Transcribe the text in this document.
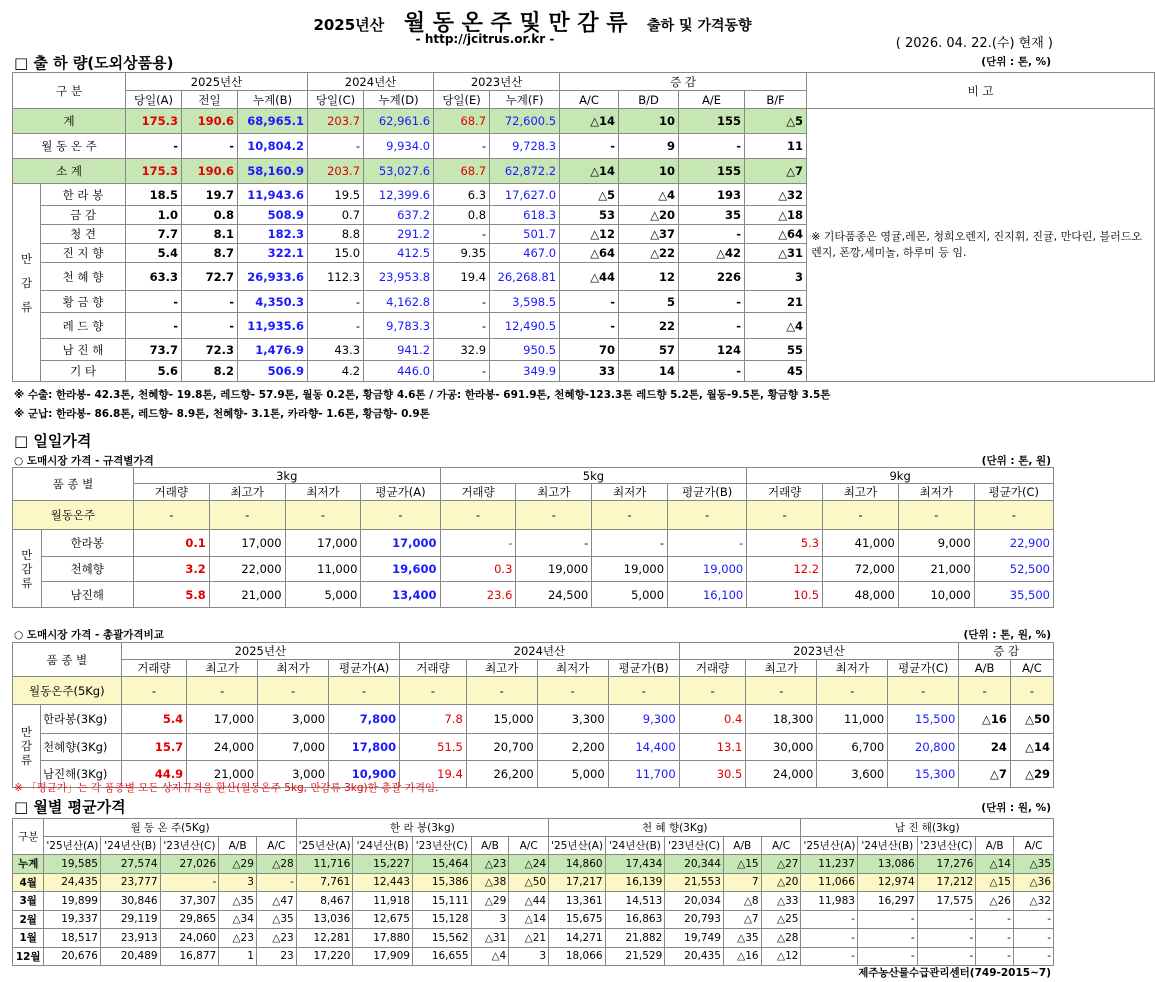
2025년산 월 동 온 주 및 만 감 류 출하 및 가격동향
- http://jcitrus.or.kr -	( 2026. 04. 22.(수) 현재 )
□ 출 하 량(도외상품용)	(단위 : 톤, %)
구 분		2025년산			2024년산		2023년산		증 감				비 고
		당일(A)	전일	누계(B)	당일(C)	누계(D)	당일(E)	누계(F)	A/C	B/D	A/E	B/F	
계		175.3	190.6	68,965.1	203.7	62,961.6	68.7	72,600.5	△14	10	155	△5	※ 기타품종은 영귤,레몬, 청희오렌지, 진지휘, 진귤, 만다린, 블러드오렌지, 폰깡,세미놀, 하루미 등 임.
월 동 온 주		-	-	10,804.2	-	9,934.0	-	9,728.3	-	9	-	11	
소 계		175.3	190.6	58,160.9	203.7	53,027.6	68.7	62,872.2	△14	10	155	△7	
만

감

류	한 라 봉	18.5	19.7	11,943.6	19.5	12,399.6	6.3	17,627.0	△5	△4	193	△32	
	금 감	1.0	0.8	508.9	0.7	637.2	0.8	618.3	53	△20	35	△18	
	청 견	7.7	8.1	182.3	8.8	291.2	-	501.7	△12	△37	-	△64	
	진 지 향	5.4	8.7	322.1	15.0	412.5	9.35	467.0	△64	△22	△42	△31	
	천 혜 향	63.3	72.7	26,933.6	112.3	23,953.8	19.4	26,268.81	△44	12	226	3	
	황 금 향	-	-	4,350.3	-	4,162.8	-	3,598.5	-	5	-	21	
	레 드 향	-	-	11,935.6	-	9,783.3	-	12,490.5	-	22	-	△4	
	남 진 해	73.7	72.3	1,476.9	43.3	941.2	32.9	950.5	70	57	124	55	
	기 타	5.6	8.2	506.9	4.2	446.0	-	349.9	33	14	-	45	
※ 수출: 한라봉- 42.3톤, 천혜향- 19.8톤, 레드향- 57.9톤, 월동 0.2톤, 황금향 4.6톤 / 가공: 한라봉- 691.9톤, 천혜향-123.3톤 레드향 5.2톤, 월동-9.5톤, 황금향 3.5톤
※ 군납: 한라봉- 86.8톤, 레드향- 8.9톤, 천혜향- 3.1톤, 카라향- 1.6톤, 황금향- 0.9톤
□ 일일가격
○ 도매시장 가격 - 규격별가격	(단위 : 톤, 원)
품 종 별		3kg				5kg				9kg			
		거래량	최고가	최저가	평균가(A)	거래량	최고가	최저가	평균가(B)	거래량	최고가	최저가	평균가(C)
월동온주		-	-	-	-	-	-	-	-	-	-	-	-
만
감
류	한라봉	0.1	17,000	17,000	17,000	-	-	-	-	5.3	41,000	9,000	22,900
	천혜향	3.2	22,000	11,000	19,600	0.3	19,000	19,000	19,000	12.2	72,000	21,000	52,500
	남진해	5.8	21,000	5,000	13,400	23.6	24,500	5,000	16,100	10.5	48,000	10,000	35,500
○ 도매시장 가격 - 총괄가격비교	(단위 : 톤, 원, %)
품 종 별		2025년산				2024년산				2023년산				증 감	
		거래량	최고가	최저가	평균가(A)	거래량	최고가	최저가	평균가(B)	거래량	최고가	최저가	평균가(C)	A/B	A/C
월동온주(5Kg)		-	-	-	-	-	-	-	-	-	-	-	-	-	-
만
감
류	한라봉(3Kg)	5.4	17,000	3,000	7,800	7.8	15,000	3,300	9,300	0.4	18,300	11,000	15,500	△16	△50
	천혜향(3Kg)	15.7	24,000	7,000	17,800	51.5	20,700	2,200	14,400	13.1	30,000	6,700	20,800	24	△14
	남진해(3Kg)	44.9	21,000	3,000	10,900	19.4	26,200	5,000	11,700	30.5	24,000	3,600	15,300	△7	△29
※ 「평균가」는 각 품종별 모든 상자규격을 환산(월동온주 5kg, 만감류 3kg)한 총괄 가격임.
□ 월별 평균가격	(단위 : 원, %)
구분	월 동 온 주(5Kg)					한 라 봉(3kg)					천 혜 향(3Kg)					남 진 해(3kg)				
	'25년산(A)	'24년산(B)	'23년산(C)	A/B	A/C	'25년산(A)	'24년산(B)	'23년산(C)	A/B	A/C	'25년산(A)	'24년산(B)	'23년산(C)	A/B	A/C	'25년산(A)	'24년산(B)	'23년산(C)	A/B	A/C
누계	19,585	27,574	27,026	△29	△28	11,716	15,227	15,464	△23	△24	14,860	17,434	20,344	△15	△27	11,237	13,086	17,276	△14	△35
4월	24,435	23,777	-	3	-	7,761	12,443	15,386	△38	△50	17,217	16,139	21,553	7	△20	11,066	12,974	17,212	△15	△36
3월	19,899	30,846	37,307	△35	△47	8,467	11,918	15,111	△29	△44	13,361	14,513	20,034	△8	△33	11,983	16,297	17,575	△26	△32
2월	19,337	29,119	29,865	△34	△35	13,036	12,675	15,128	3	△14	15,675	16,863	20,793	△7	△25	-	-	-	-	-
1월	18,517	23,913	24,060	△23	△23	12,281	17,880	15,562	△31	△21	14,271	21,882	19,749	△35	△28	-	-	-	-	-
12월	20,676	20,489	16,877	1	23	17,220	17,909	16,655	△4	3	18,066	21,529	20,435	△16	△12	-	-	-	-	-
제주농산물수급관리센터(749-2015~7)
